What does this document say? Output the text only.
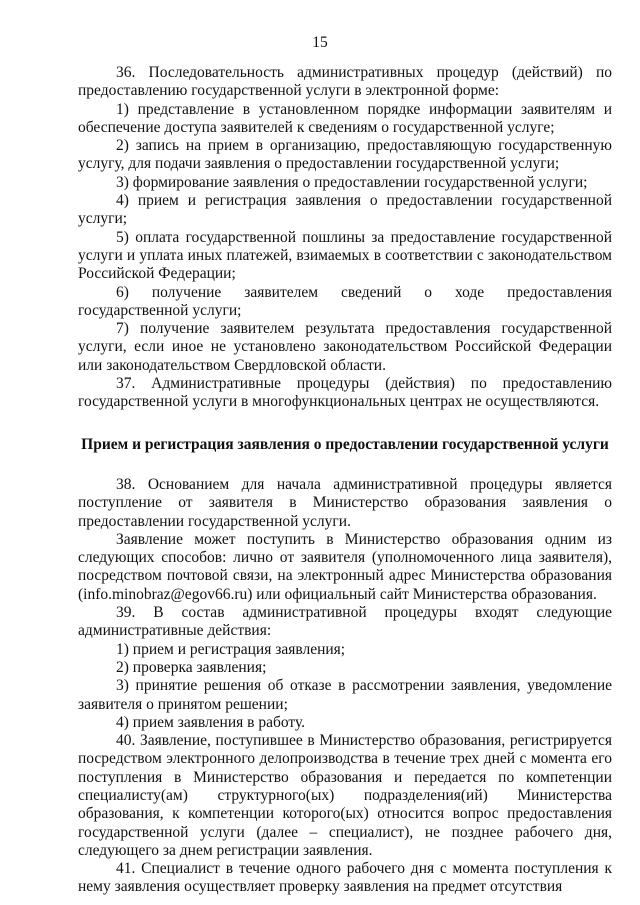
15

36. Последовательность административных процедур (действий) по предоставлению государственной услуги в электронной форме:

1) представление в установленном порядке информации заявителям и обеспечение доступа заявителей к сведениям о государственной услуге;

2) запись на прием в организацию, предоставляющую государственную услугу, для подачи заявления о предоставлении государственной услуги;

3) формирование заявления о предоставлении государственной услуги;

4) прием и регистрация заявления о предоставлении государственной услуги;

5) оплата государственной пошлины за предоставление государственной услуги и уплата иных платежей, взимаемых в соответствии с законодательством Российской Федерации;

6) получение заявителем сведений о ходе предоставления государственной услуги;

7) получение заявителем результата предоставления государственной услуги, если иное не установлено законодательством Российской Федерации или законодательством Свердловской области.

37. Административные процедуры (действия) по предоставлению государственной услуги в многофункциональных центрах не осуществляются.

Прием и регистрация заявления о предоставлении государственной услуги

38. Основанием для начала административной процедуры является поступление от заявителя в Министерство образования заявления о предоставлении государственной услуги.

Заявление может поступить в Министерство образования одним из следующих способов: лично от заявителя (уполномоченного лица заявителя), посредством почтовой связи, на электронный адрес Министерства образования (info.minobraz@egov66.ru) или официальный сайт Министерства образования.

39. В состав административной процедуры входят следующие административные действия:

1) прием и регистрация заявления;

2) проверка заявления;

3) принятие решения об отказе в рассмотрении заявления, уведомление заявителя о принятом решении;

4) прием заявления в работу.

40. Заявление, поступившее в Министерство образования, регистрируется посредством электронного делопроизводства в течение трех дней с момента его поступления в Министерство образования и передается по компетенции специалисту(ам) структурного(ых) подразделения(ий) Министерства образования, к компетенции которого(ых) относится вопрос предоставления государственной услуги (далее – специалист), не позднее рабочего дня, следующего за днем регистрации заявления.

41. Специалист в течение одного рабочего дня с момента поступления к нему заявления осуществляет проверку заявления на предмет отсутствия
